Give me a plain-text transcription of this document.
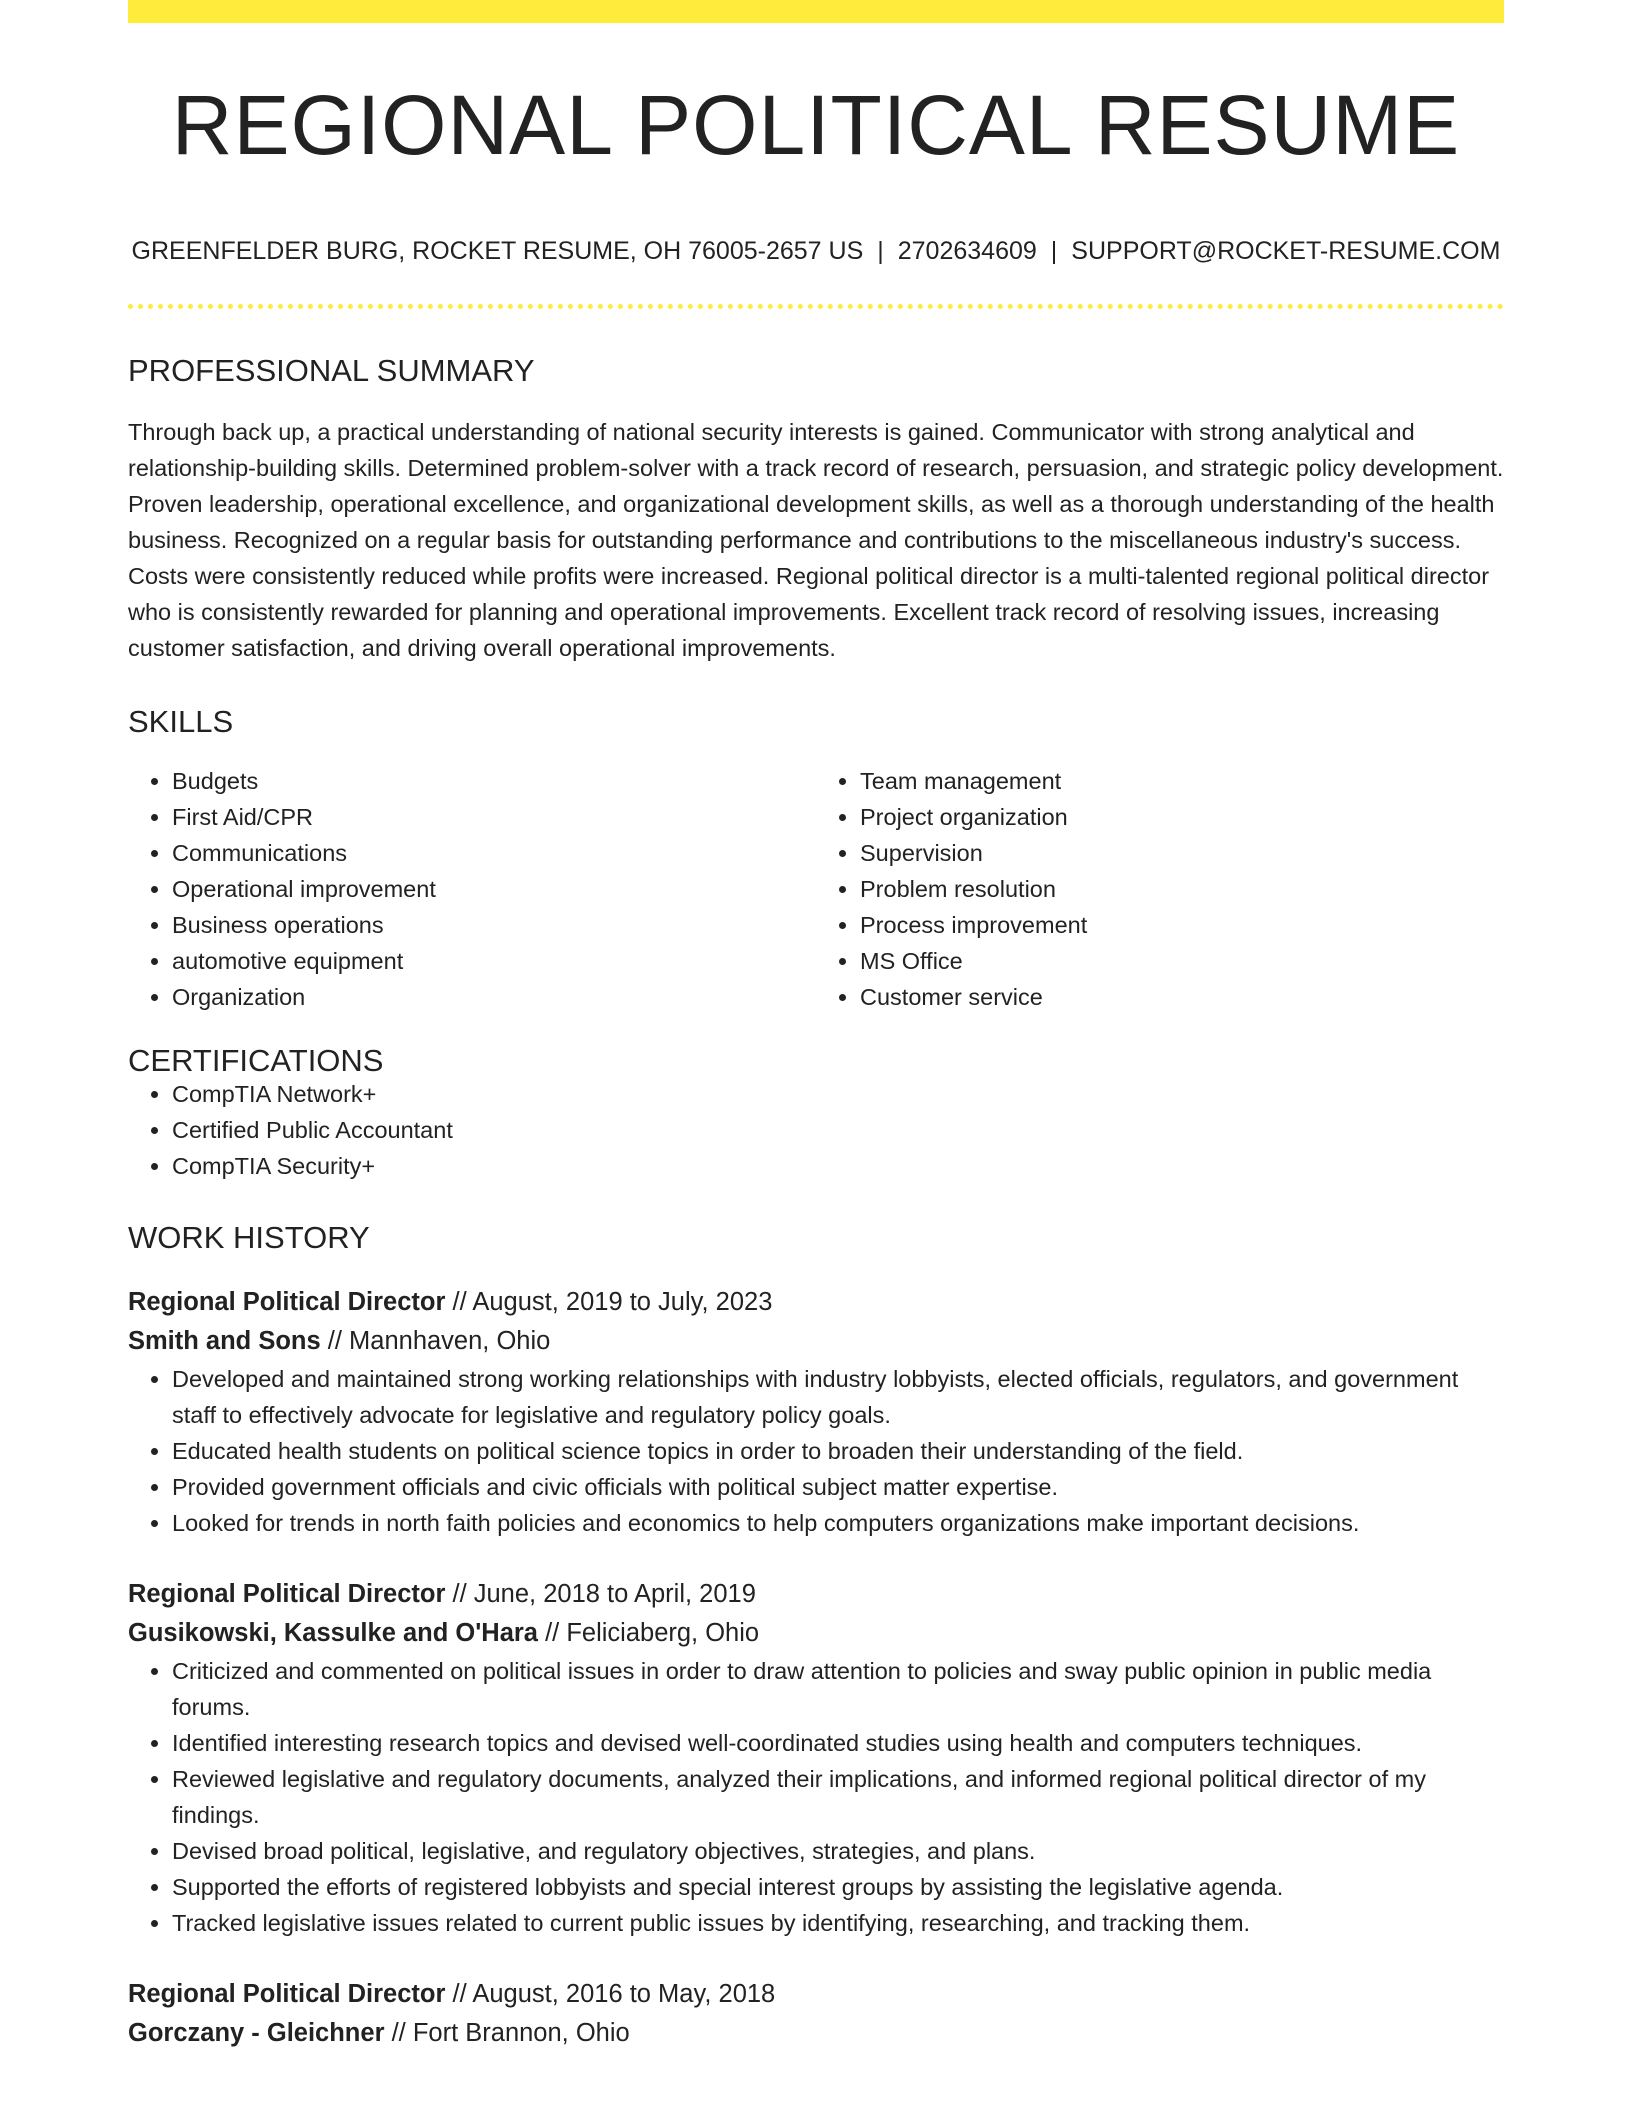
REGIONAL POLITICAL RESUME
GREENFELDER BURG, ROCKET RESUME, OH 76005-2657 US | 2702634609 | SUPPORT@ROCKET-RESUME.COM
PROFESSIONAL SUMMARY
Through back up, a practical understanding of national security interests is gained. Communicator with strong analytical and relationship-building skills. Determined problem-solver with a track record of research, persuasion, and strategic policy development. Proven leadership, operational excellence, and organizational development skills, as well as a thorough understanding of the health business. Recognized on a regular basis for outstanding performance and contributions to the miscellaneous industry's success. Costs were consistently reduced while profits were increased. Regional political director is a multi-talented regional political director who is consistently rewarded for planning and operational improvements. Excellent track record of resolving issues, increasing customer satisfaction, and driving overall operational improvements.
SKILLS
• Budgets
• First Aid/CPR
• Communications
• Operational improvement
• Business operations
• automotive equipment
• Organization
• Team management
• Project organization
• Supervision
• Problem resolution
• Process improvement
• MS Office
• Customer service
CERTIFICATIONS
• CompTIA Network+
• Certified Public Accountant
• CompTIA Security+
WORK HISTORY
Regional Political Director // August, 2019 to July, 2023
Smith and Sons // Mannhaven, Ohio
• Developed and maintained strong working relationships with industry lobbyists, elected officials, regulators, and government staff to effectively advocate for legislative and regulatory policy goals.
• Educated health students on political science topics in order to broaden their understanding of the field.
• Provided government officials and civic officials with political subject matter expertise.
• Looked for trends in north faith policies and economics to help computers organizations make important decisions.
Regional Political Director // June, 2018 to April, 2019
Gusikowski, Kassulke and O'Hara // Feliciaberg, Ohio
• Criticized and commented on political issues in order to draw attention to policies and sway public opinion in public media forums.
• Identified interesting research topics and devised well-coordinated studies using health and computers techniques.
• Reviewed legislative and regulatory documents, analyzed their implications, and informed regional political director of my findings.
• Devised broad political, legislative, and regulatory objectives, strategies, and plans.
• Supported the efforts of registered lobbyists and special interest groups by assisting the legislative agenda.
• Tracked legislative issues related to current public issues by identifying, researching, and tracking them.
Regional Political Director // August, 2016 to May, 2018
Gorczany - Gleichner // Fort Brannon, Ohio
